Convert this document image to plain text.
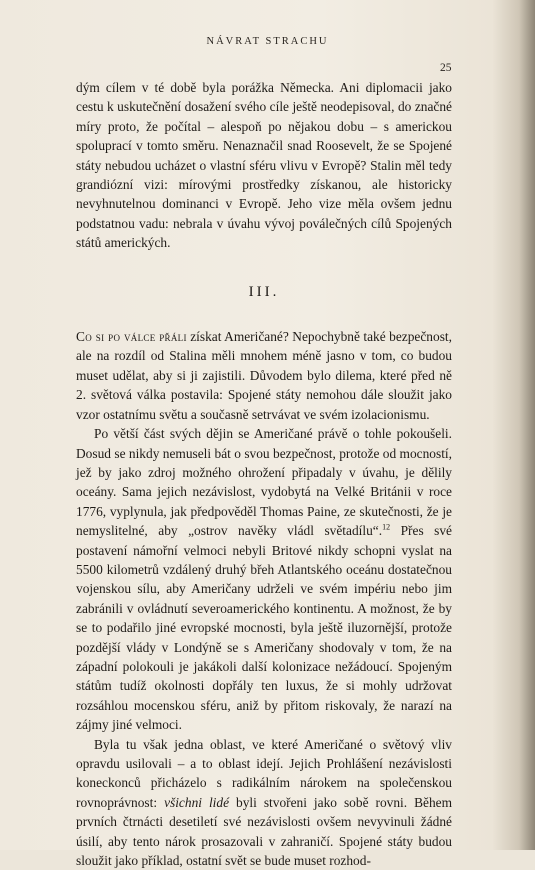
NÁVRAT STRACHU
25

dým cílem v té době byla porážka Německa. Ani diplomacii jako cestu k uskutečnění dosažení svého cíle ještě neodepisoval, do značné míry proto, že počítal – alespoň po nějakou dobu – s americkou spoluprací v tomto směru. Nenaznačil snad Roosevelt, že se Spojené státy nebudou ucházet o vlastní sféru vlivu v Evropě? Stalin měl tedy grandiózní vizi: mírovými prostředky získanou, ale historicky nevyhnutelnou dominanci v Evropě. Jeho vize měla ovšem jednu podstatnou vadu: nebrala v úvahu vývoj poválečných cílů Spojených států amerických.

III.

Co si po válce přáli získat Američané? Nepochybně také bezpečnost, ale na rozdíl od Stalina měli mnohem méně jasno v tom, co budou muset udělat, aby si ji zajistili. Důvodem bylo dilema, které před ně 2. světová válka postavila: Spojené státy nemohou dále sloužit jako vzor ostatnímu světu a současně setrvávat ve svém izolacionismu.

Po větší část svých dějin se Američané právě o tohle pokoušeli. Dosud se nikdy nemuseli bát o svou bezpečnost, protože od mocností, jež by jako zdroj možného ohrožení připadaly v úvahu, je dělily oceány. Sama jejich nezávislost, vydobytá na Velké Británii v roce 1776, vyplynula, jak předpověděl Thomas Paine, ze skutečnosti, že je nemyslitelné, aby „ostrov navěky vládl světadílu“.$^{12}$ Přes své postavení námořní velmoci nebyli Britové nikdy schopni vyslat na 5500 kilometrů vzdálený druhý břeh Atlantského oceánu dostatečnou vojenskou sílu, aby Američany udrželi ve svém impériu nebo jim zabránili v ovládnutí severoamerického kontinentu. A možnost, že by se to podařilo jiné evropské mocnosti, byla ještě iluzornější, protože pozdější vlády v Londýně se s Američany shodovaly v tom, že na západní polokouli je jakákoli další kolonizace nežádoucí. Spojeným státům tudíž okolnosti dopřály ten luxus, že si mohly udržovat rozsáhlou mocenskou sféru, aniž by přitom riskovaly, že narazí na zájmy jiné velmoci.

Byla tu však jedna oblast, ve které Američané o světový vliv opravdu usilovali – a to oblast idejí. Jejich Prohlášení nezávislosti koneckonců přicházelo s radikálním nárokem na společenskou rovnoprávnost: všichni lidé byli stvořeni jako sobě rovni. Během prvních čtrnácti desetiletí své nezávislosti ovšem nevyvinuli žádné úsilí, aby tento nárok prosazovali v zahraničí. Spojené státy budou sloužit jako příklad, ostatní svět se bude muset rozhod-
